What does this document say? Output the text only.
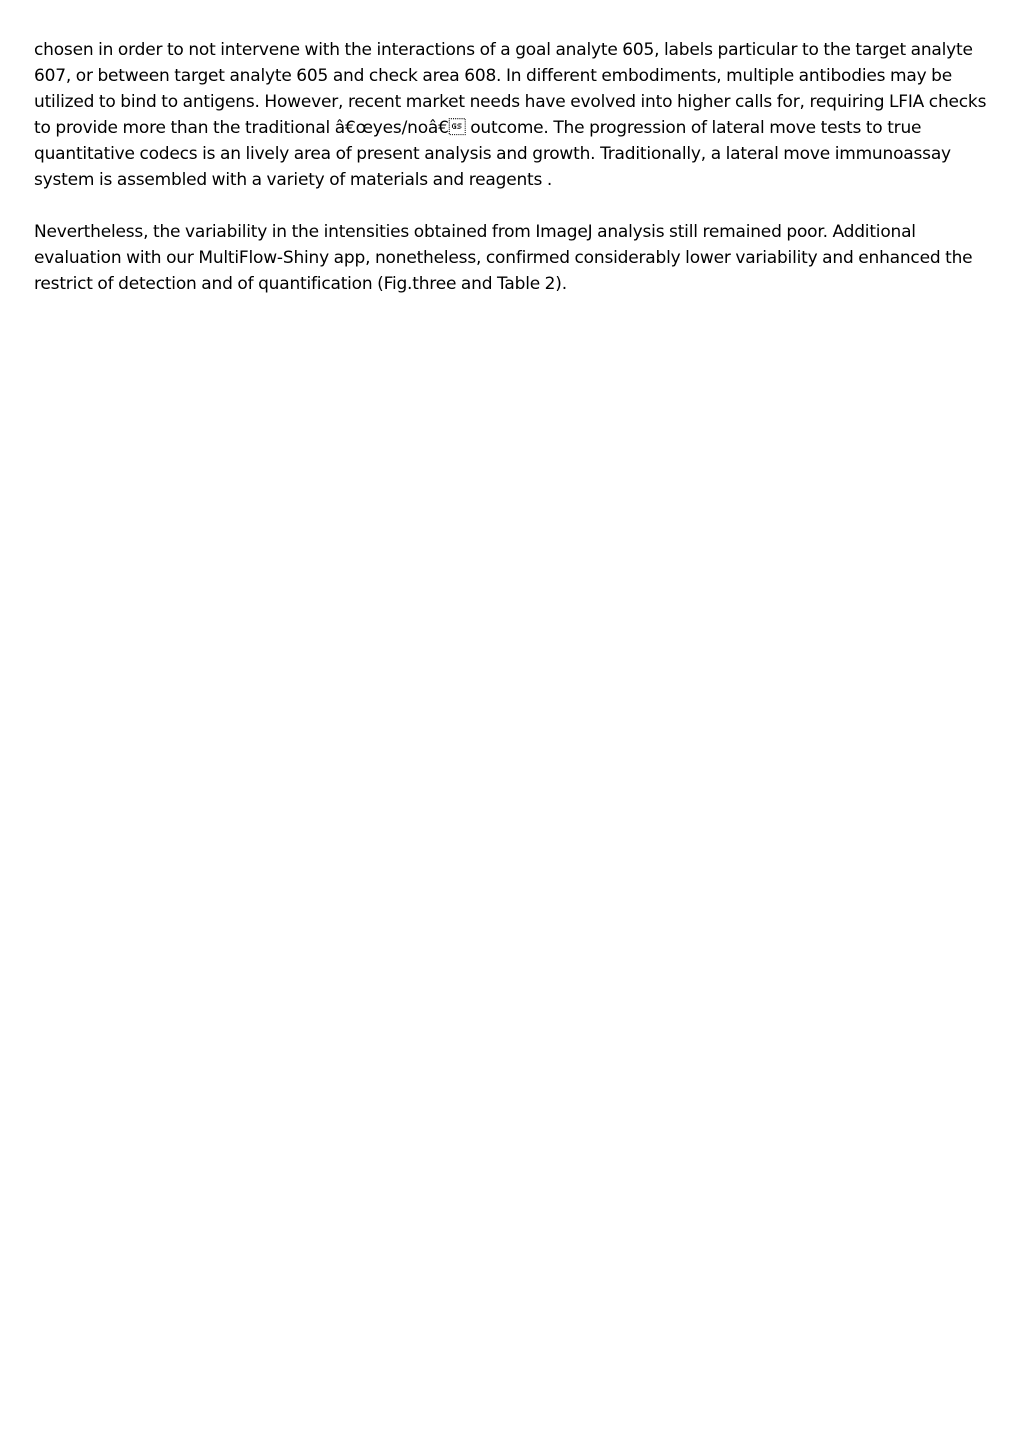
chosen in order to not intervene with the interactions of a goal analyte 605, labels particular to the target analyte 607, or between target analyte 605 and check area 608. In different embodiments, multiple antibodies may be utilized to bind to antigens. However, recent market needs have evolved into higher calls for, requiring LFIA checks to provide more than the traditional â€œyes/noâ€ outcome. The progression of lateral move tests to true quantitative codecs is an lively area of present analysis and growth. Traditionally, a lateral move immunoassay system is assembled with a variety of materials and reagents .

Nevertheless, the variability in the intensities obtained from ImageJ analysis still remained poor. Additional evaluation with our MultiFlow-Shiny app, nonetheless, confirmed considerably lower variability and enhanced the restrict of detection and of quantification (Fig.three and Table 2).
